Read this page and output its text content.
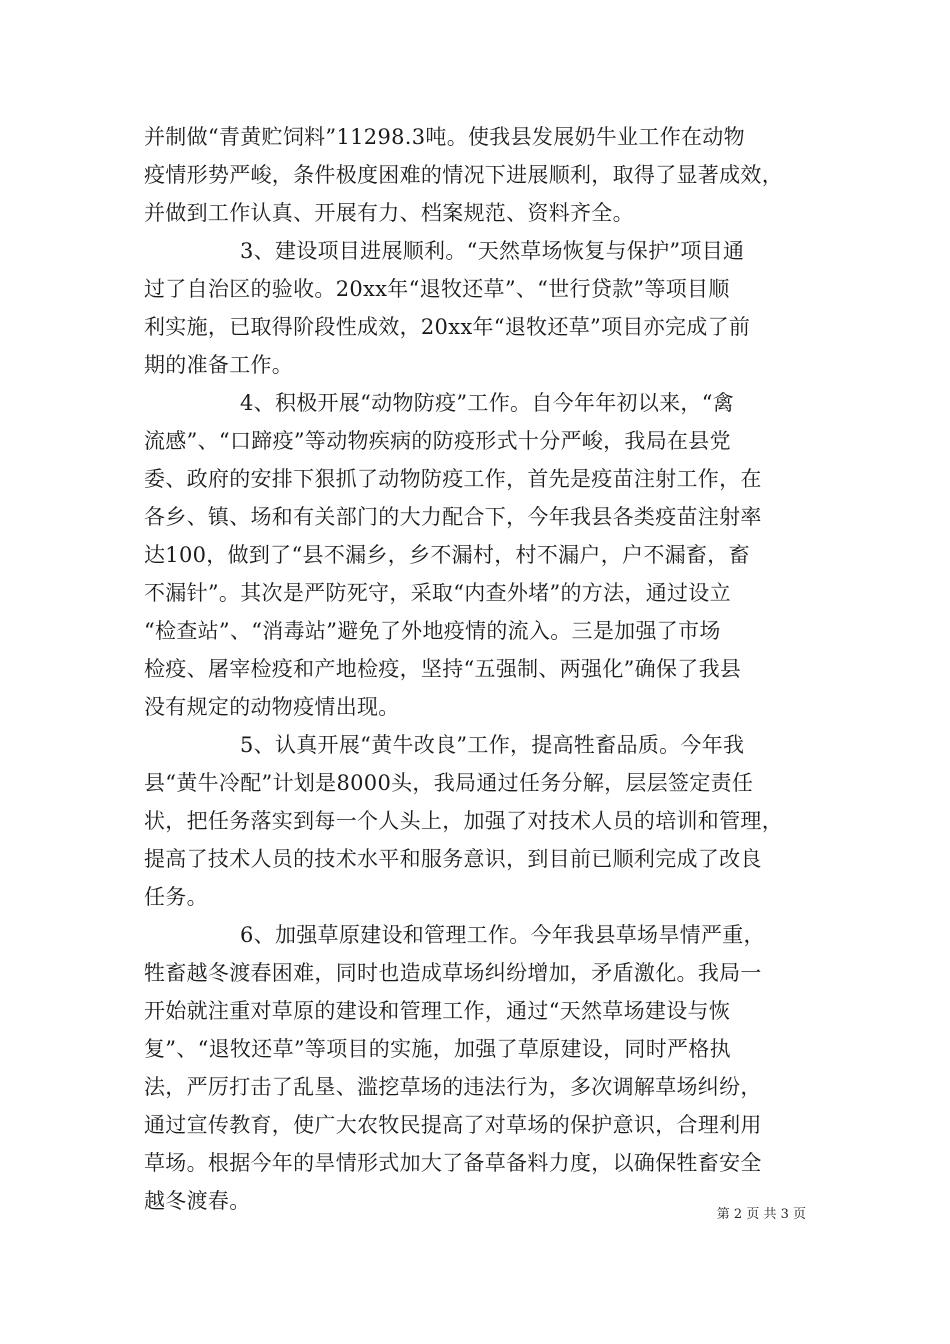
并制做“青黄贮饲料”11298.3吨。使我县发展奶牛业工作在动物
疫情形势严峻，条件极度困难的情况下进展顺利，取得了显著成效，
并做到工作认真、开展有力、档案规范、资料齐全。
3、建设项目进展顺利。“天然草场恢复与保护”项目通
过了自治区的验收。20xx年“退牧还草”、“世行贷款”等项目顺
利实施，已取得阶段性成效，20xx年“退牧还草”项目亦完成了前
期的准备工作。
4、积极开展“动物防疫”工作。自今年年初以来，“禽
流感”、“口蹄疫”等动物疾病的防疫形式十分严峻，我局在县党
委、政府的安排下狠抓了动物防疫工作，首先是疫苗注射工作，在
各乡、镇、场和有关部门的大力配合下，今年我县各类疫苗注射率
达100，做到了“县不漏乡，乡不漏村，村不漏户，户不漏畜，畜
不漏针”。其次是严防死守，采取“内查外堵”的方法，通过设立
“检查站”、“消毒站”避免了外地疫情的流入。三是加强了市场
检疫、屠宰检疫和产地检疫，坚持“五强制、两强化”确保了我县
没有规定的动物疫情出现。
5、认真开展“黄牛改良”工作，提高牲畜品质。今年我
县“黄牛冷配”计划是8000头，我局通过任务分解，层层签定责任
状，把任务落实到每一个人头上，加强了对技术人员的培训和管理，
提高了技术人员的技术水平和服务意识，到目前已顺利完成了改良
任务。
6、加强草原建设和管理工作。今年我县草场旱情严重，
牲畜越冬渡春困难，同时也造成草场纠纷增加，矛盾激化。我局一
开始就注重对草原的建设和管理工作，通过“天然草场建设与恢
复”、“退牧还草”等项目的实施，加强了草原建设，同时严格执
法，严厉打击了乱垦、滥挖草场的违法行为，多次调解草场纠纷，
通过宣传教育，使广大农牧民提高了对草场的保护意识，合理利用
草场。根据今年的旱情形式加大了备草备料力度，以确保牲畜安全
越冬渡春。
第 2 页 共 3 页
